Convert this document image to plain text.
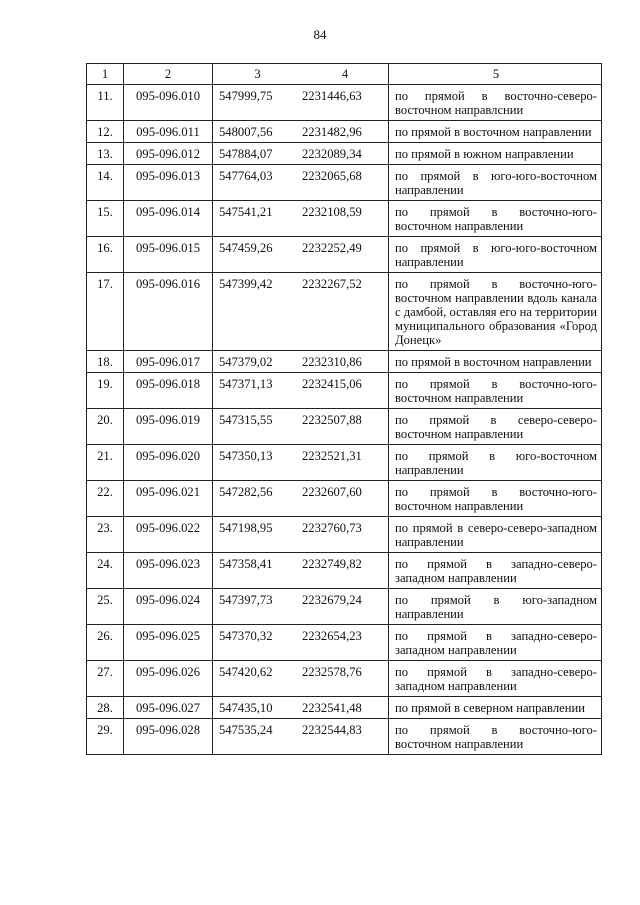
84
1	2	3	4	5
11.	095-096.010	547999,75	2231446,63	по прямой в восточно-северо-восточном направлснии
12.	095-096.011	548007,56	2231482,96	по прямой в восточном направлении
13.	095-096.012	547884,07	2232089,34	по прямой в южном направлении
14.	095-096.013	547764,03	2232065,68	по прямой в юго-юго-восточном направлении
15.	095-096.014	547541,21	2232108,59	по прямой в восточно-юго-восточном направлении
16.	095-096.015	547459,26	2232252,49	по прямой в юго-юго-восточном направлении
17.	095-096.016	547399,42	2232267,52	по прямой в восточно-юго-восточном направлении вдоль канала с дамбой, оставляя его на территории муниципального образования «Город Донецк»
18.	095-096.017	547379,02	2232310,86	по прямой в восточном направлении
19.	095-096.018	547371,13	2232415,06	по прямой в восточно-юго-восточном направлении
20.	095-096.019	547315,55	2232507,88	по прямой в северо-северо-восточном направлении
21.	095-096.020	547350,13	2232521,31	по прямой в юго-восточном направлении
22.	095-096.021	547282,56	2232607,60	по прямой в восточно-юго-восточном направлении
23.	095-096.022	547198,95	2232760,73	по прямой в северо-северо-западном направлении
24.	095-096.023	547358,41	2232749,82	по прямой в западно-северо-западном направлении
25.	095-096.024	547397,73	2232679,24	по прямой в юго-западном направлении
26.	095-096.025	547370,32	2232654,23	по прямой в западно-северо-западном направлении
27.	095-096.026	547420,62	2232578,76	по прямой в западно-северо-западном направлении
28.	095-096.027	547435,10	2232541,48	по прямой в северном направлении
29.	095-096.028	547535,24	2232544,83	по прямой в восточно-юго-восточном направлении
